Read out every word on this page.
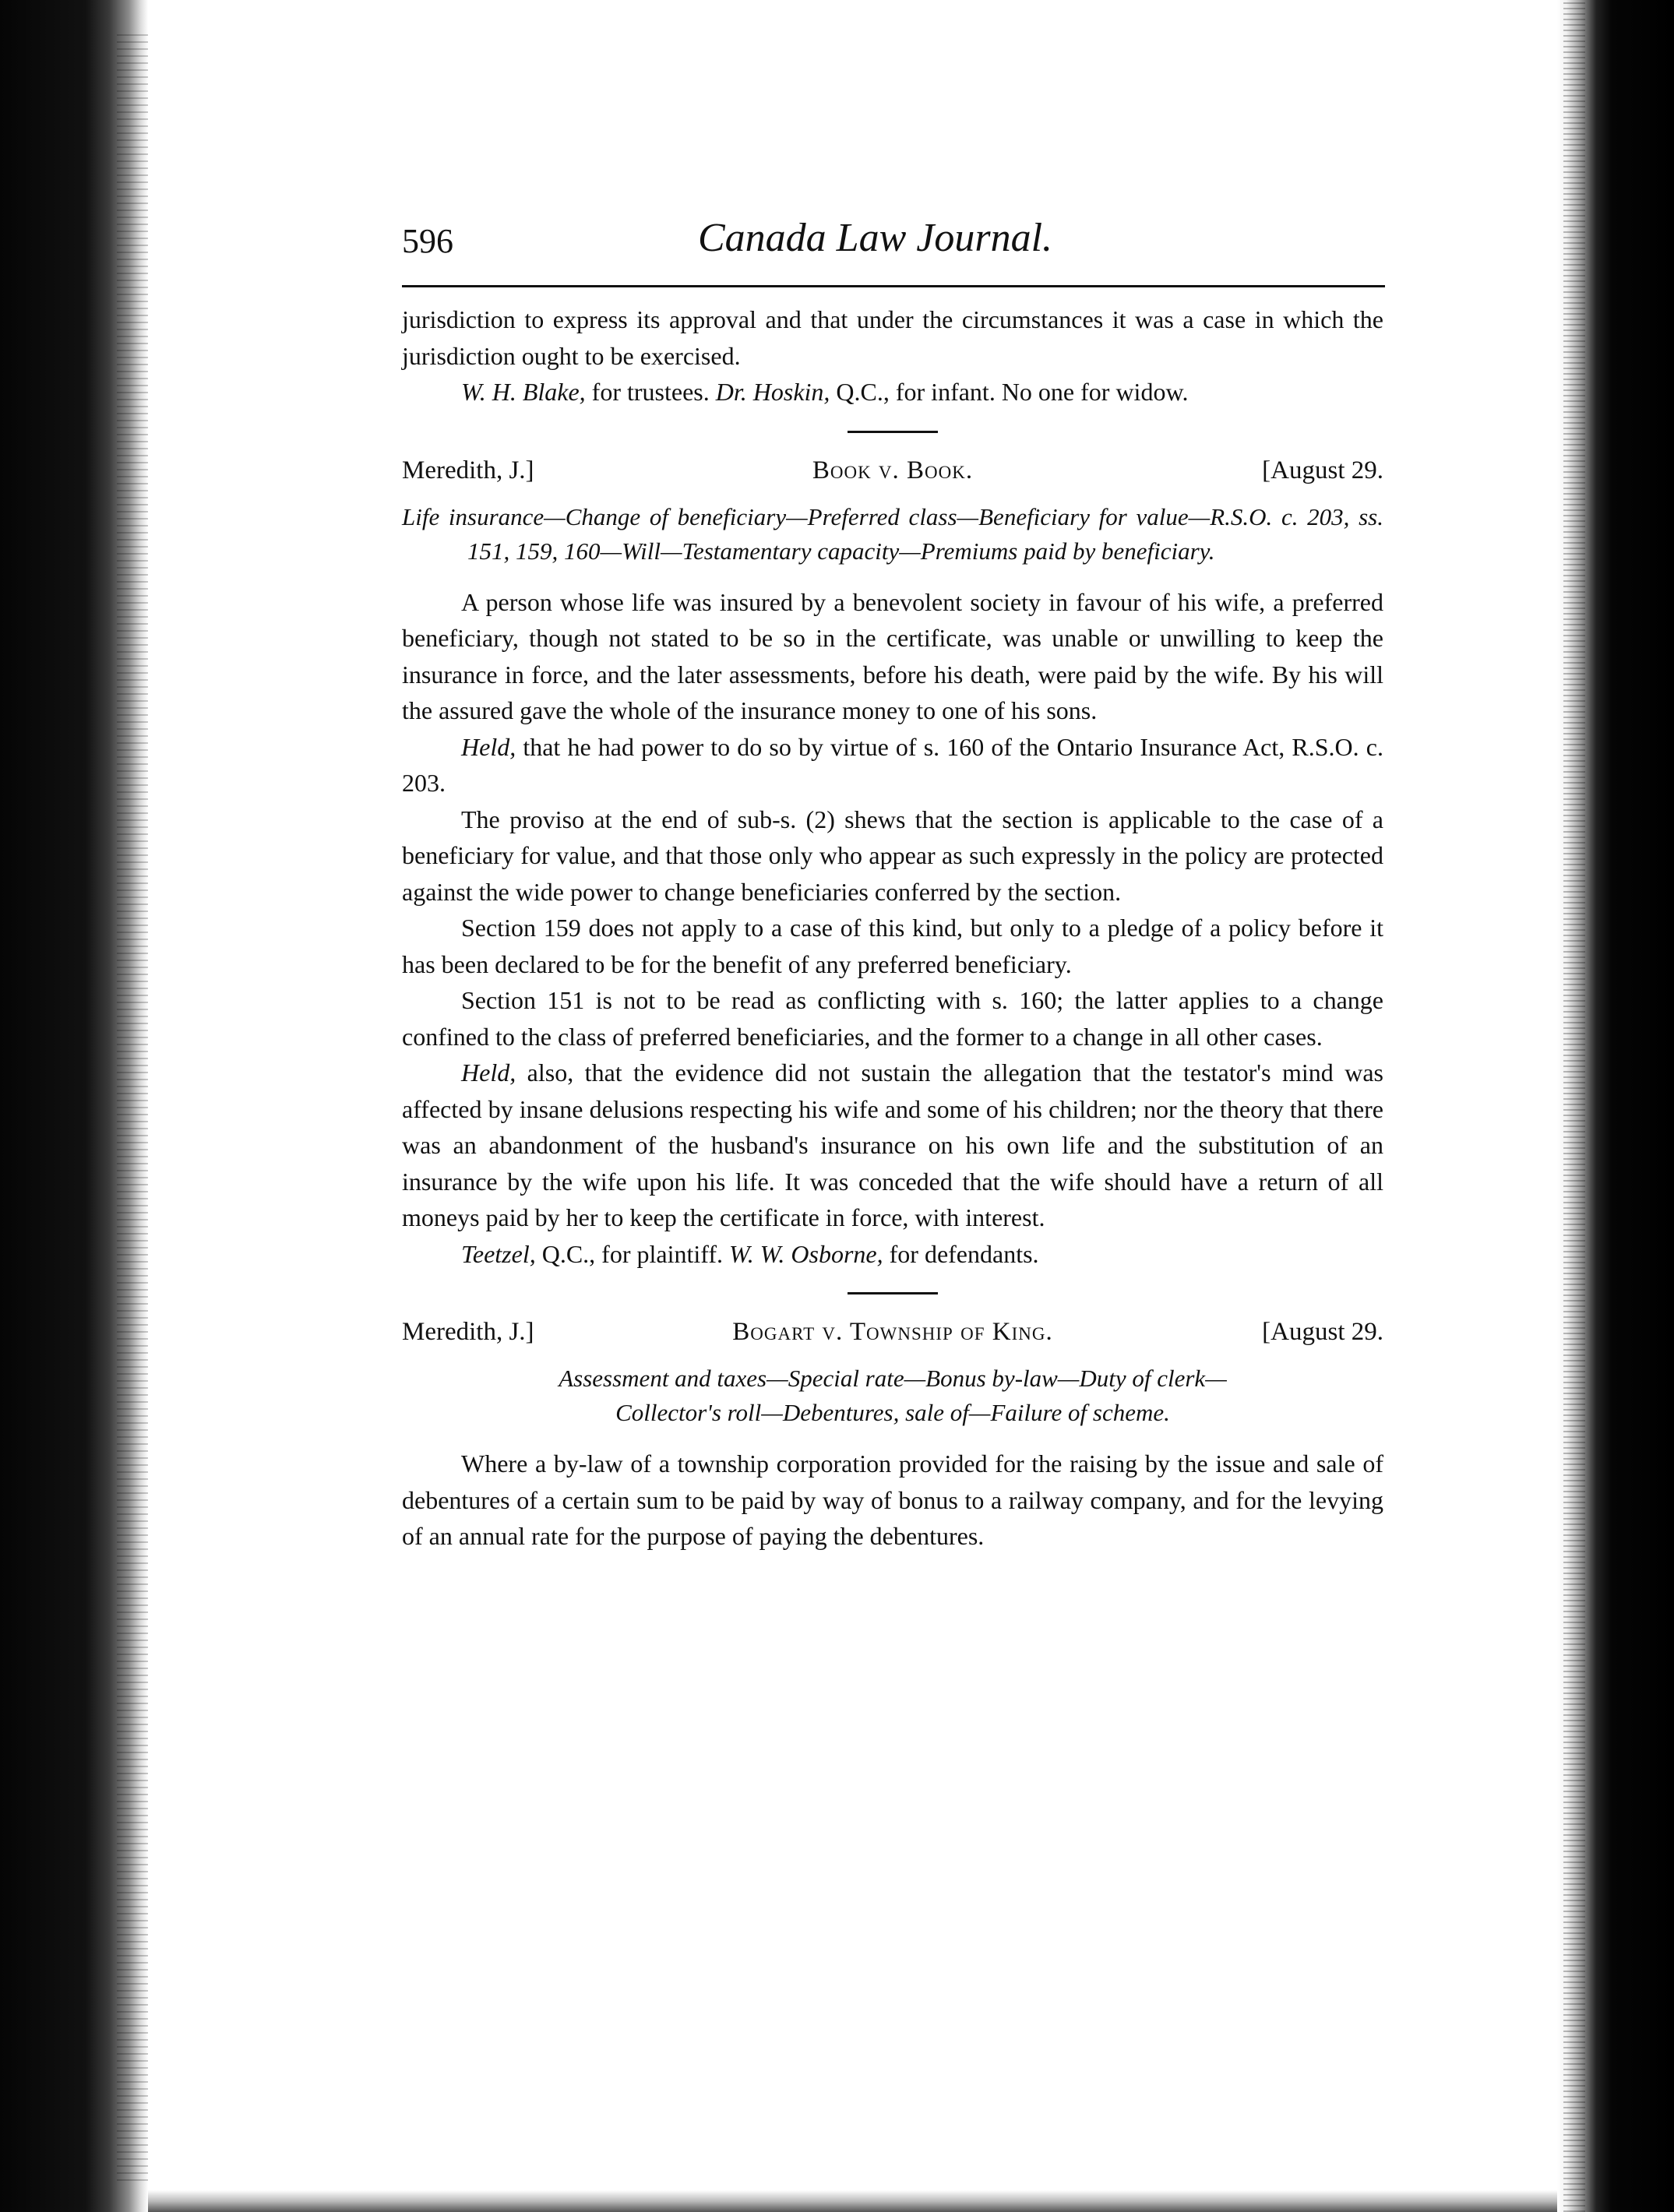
596	Canada Law Journal.

jurisdiction to express its approval and that under the circumstances it was a case in which the jurisdiction ought to be exercised.

W. H. Blake, for trustees. Dr. Hoskin, Q.C., for infant. No one for widow.

Book v. Book.
Meredith, J.]	[August 29.

Life insurance—Change of beneficiary—Preferred class—Beneficiary for value—R.S.O. c. 203, ss. 151, 159, 160—Will—Testamentary capacity—Premiums paid by beneficiary.

A person whose life was insured by a benevolent society in favour of his wife, a preferred beneficiary, though not stated to be so in the certificate, was unable or unwilling to keep the insurance in force, and the later assessments, before his death, were paid by the wife. By his will the assured gave the whole of the insurance money to one of his sons.

Held, that he had power to do so by virtue of s. 160 of the Ontario Insurance Act, R.S.O. c. 203.

The proviso at the end of sub-s. (2) shews that the section is applicable to the case of a beneficiary for value, and that those only who appear as such expressly in the policy are protected against the wide power to change beneficiaries conferred by the section.

Section 159 does not apply to a case of this kind, but only to a pledge of a policy before it has been declared to be for the benefit of any preferred beneficiary.

Section 151 is not to be read as conflicting with s. 160; the latter applies to a change confined to the class of preferred beneficiaries, and the former to a change in all other cases.

Held, also, that the evidence did not sustain the allegation that the testator's mind was affected by insane delusions respecting his wife and some of his children; nor the theory that there was an abandonment of the husband's insurance on his own life and the substitution of an insurance by the wife upon his life. It was conceded that the wife should have a return of all moneys paid by her to keep the certificate in force, with interest.

Teetzel, Q.C., for plaintiff. W. W. Osborne, for defendants.

Bogart v. Township of King.
Meredith, J.]	[August 29.

Assessment and taxes—Special rate—Bonus by-law—Duty of clerk—
Collector's roll—Debentures, sale of—Failure of scheme.

Where a by-law of a township corporation provided for the raising by the issue and sale of debentures of a certain sum to be paid by way of bonus to a railway company, and for the levying of an annual rate for the purpose of paying the debentures.
